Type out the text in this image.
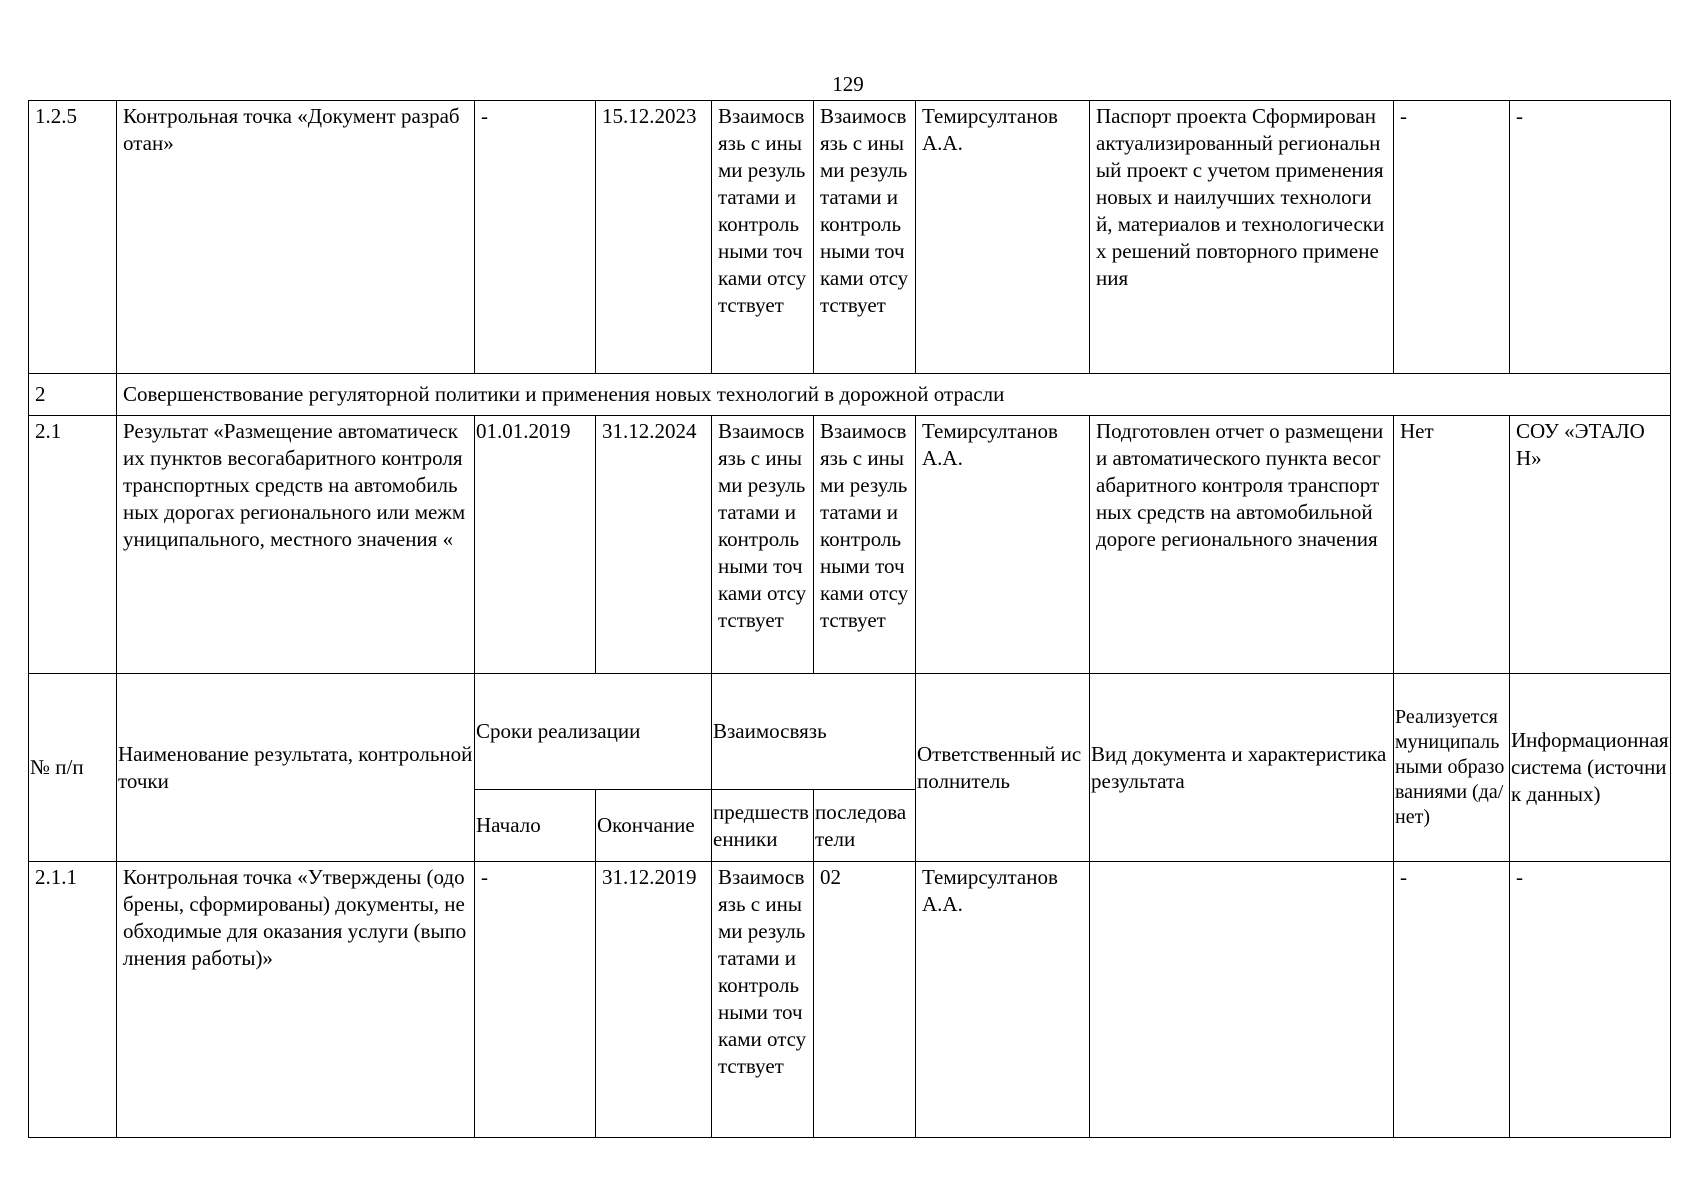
129
1.2.5	Контрольная точка «Документ разработан»	-	15.12.2023	Взаимосвязь с иными результатами и контрольными точками отсутствует	Взаимосвязь с иными результатами и контрольными точками отсутствует	Темирсултанов А.А.	Паспорт проекта Сформирован актуализированный региональный проект с учетом применения новых и наилучших технологий, материалов и технологических решений повторного применения	-	-
2	Совершенствование регуляторной политики и применения новых технологий в дорожной отрасли								
2.1	Результат «Размещение автоматических пунктов весогабаритного контроля транспортных средств на автомобильных дорогах регионального или межмуниципального, местного значения «	01.01.2019	31.12.2024	Взаимосвязь с иными результатами и контрольными точками отсутствует	Взаимосвязь с иными результатами и контрольными точками отсутствует	Темирсултанов А.А.	Подготовлен отчет о размещении автоматического пункта весогабаритного контроля транспортных средств на автомобильной дороге регионального значения	Нет	СОУ «ЭТАЛОН»
№ п/п	Наименование результата, контрольной точки	Сроки реализации		Взаимосвязь		Ответственный исполнитель	Вид документа и характеристика результата	Реализуется муниципальными образованиями (да/нет)	Информационная система (источник данных)
		Начало	Окончание	предшественники	последователи				
2.1.1	Контрольная точка «Утверждены (одобрены, сформированы) документы, необходимые для оказания услуги (выполнения работы)»	-	31.12.2019	Взаимосвязь с иными результатами и контрольными точками отсутствует	02	Темирсултанов А.А.		-	-
